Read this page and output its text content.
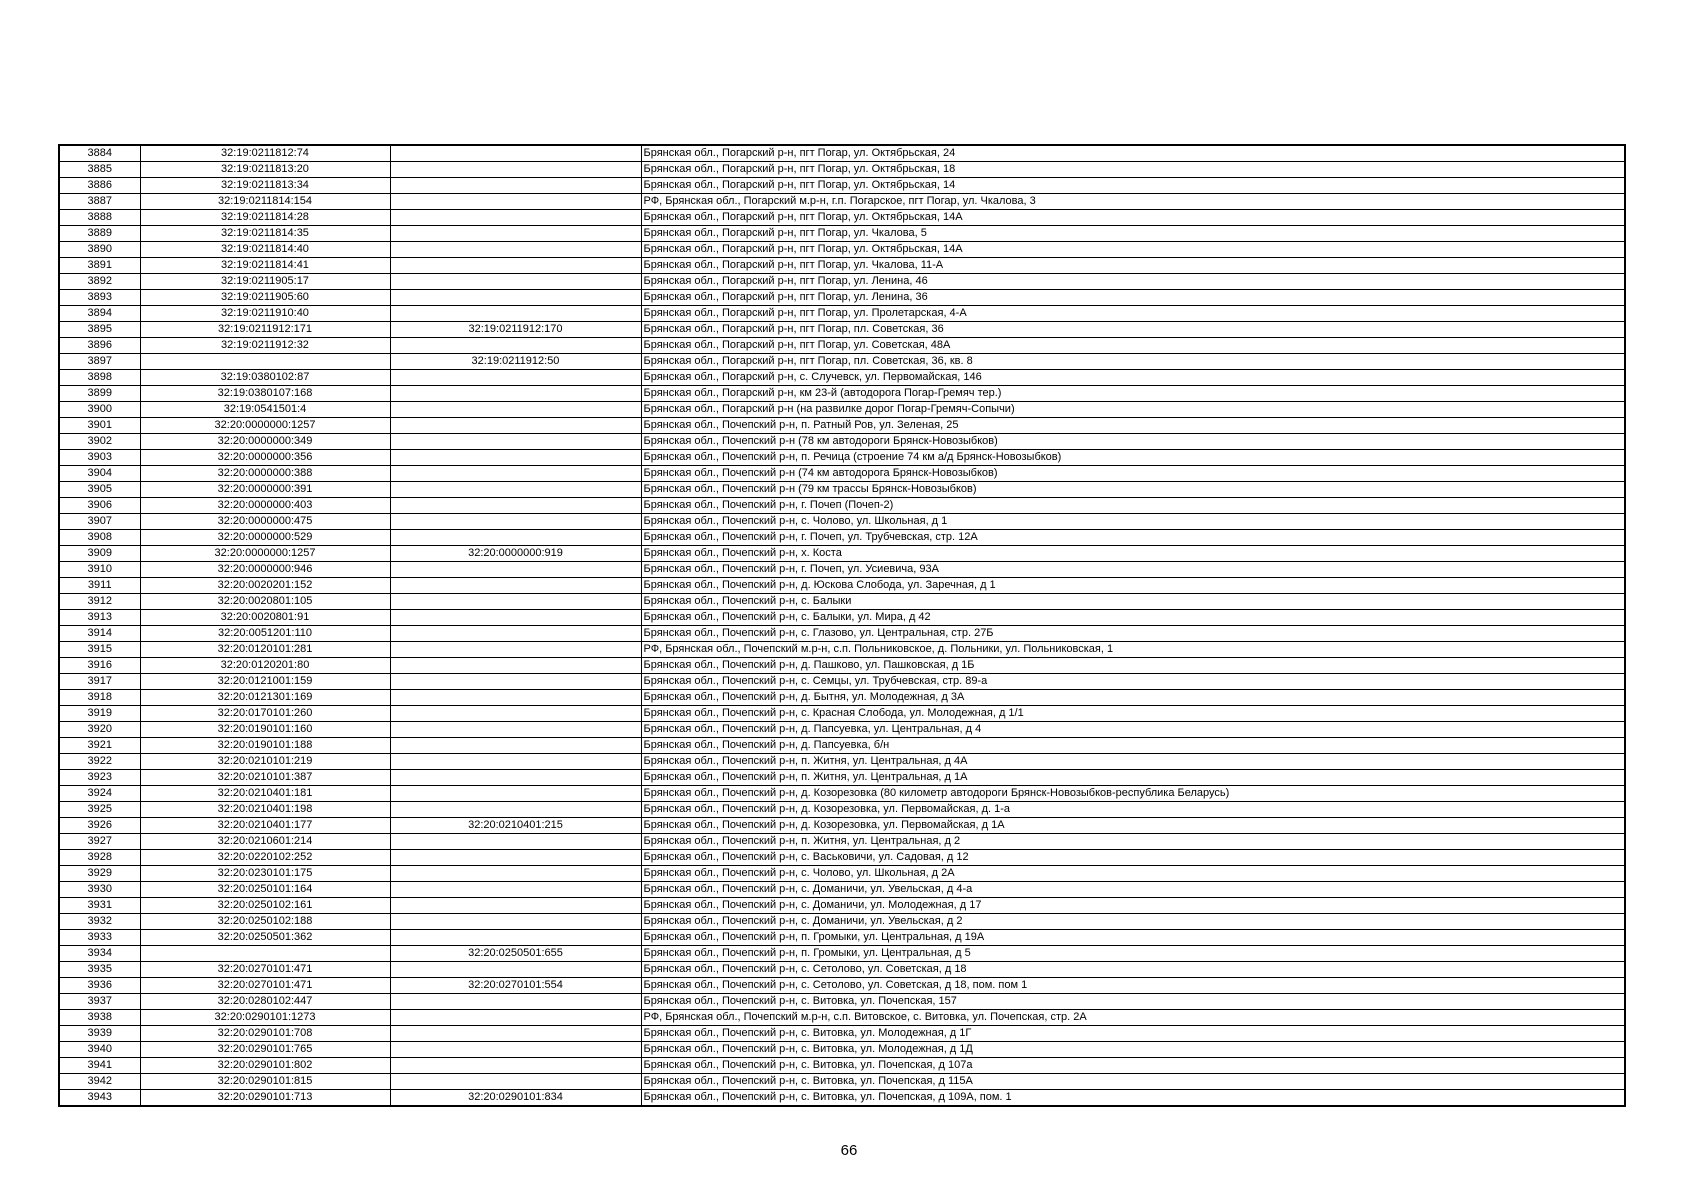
3884	32:19:0211812:74		Брянская обл., Погарский р-н, пгт Погар, ул. Октябрьская, 24
3885	32:19:0211813:20		Брянская обл., Погарский р-н, пгт Погар, ул. Октябрьская, 18
3886	32:19:0211813:34		Брянская обл., Погарский р-н, пгт Погар, ул. Октябрьская, 14
3887	32:19:0211814:154		РФ, Брянская обл., Погарский м.р-н, г.п. Погарское, пгт Погар, ул. Чкалова, 3
3888	32:19:0211814:28		Брянская обл., Погарский р-н, пгт Погар, ул. Октябрьская, 14А
3889	32:19:0211814:35		Брянская обл., Погарский р-н, пгт Погар, ул. Чкалова, 5
3890	32:19:0211814:40		Брянская обл., Погарский р-н, пгт Погар, ул. Октябрьская, 14А
3891	32:19:0211814:41		Брянская обл., Погарский р-н, пгт Погар, ул. Чкалова, 11-А
3892	32:19:0211905:17		Брянская обл., Погарский р-н, пгт Погар, ул. Ленина, 46
3893	32:19:0211905:60		Брянская обл., Погарский р-н, пгт Погар, ул. Ленина, 36
3894	32:19:0211910:40		Брянская обл., Погарский р-н, пгт Погар, ул. Пролетарская, 4-А
3895	32:19:0211912:171	32:19:0211912:170	Брянская обл., Погарский р-н, пгт Погар, пл. Советская, 36
3896	32:19:0211912:32		Брянская обл., Погарский р-н, пгт Погар, ул. Советская, 48А
3897		32:19:0211912:50	Брянская обл., Погарский р-н, пгт Погар, пл. Советская, 36, кв. 8
3898	32:19:0380102:87		Брянская обл., Погарский р-н, с. Случевск, ул. Первомайская, 146
3899	32:19:0380107:168		Брянская обл., Погарский р-н, км 23-й (автодорога Погар-Гремяч тер.)
3900	32:19:0541501:4		Брянская обл., Погарский р-н (на развилке дорог Погар-Гремяч-Сопычи)
3901	32:20:0000000:1257		Брянская обл., Почепский р-н, п. Ратный Ров, ул. Зеленая, 25
3902	32:20:0000000:349		Брянская обл., Почепский р-н (78 км автодороги Брянск-Новозыбков)
3903	32:20:0000000:356		Брянская обл., Почепский р-н, п. Речица (строение 74 км а/д Брянск-Новозыбков)
3904	32:20:0000000:388		Брянская обл., Почепский р-н (74 км автодорога Брянск-Новозыбков)
3905	32:20:0000000:391		Брянская обл., Почепский р-н (79 км трассы Брянск-Новозыбков)
3906	32:20:0000000:403		Брянская обл., Почепский р-н, г. Почеп (Почеп-2)
3907	32:20:0000000:475		Брянская обл., Почепский р-н, с. Чолово, ул. Школьная, д 1
3908	32:20:0000000:529		Брянская обл., Почепский р-н, г. Почеп, ул. Трубчевская, стр. 12А
3909	32:20:0000000:1257	32:20:0000000:919	Брянская обл., Почепский р-н, х. Коста
3910	32:20:0000000:946		Брянская обл., Почепский р-н, г. Почеп, ул. Усиевича, 93А
3911	32:20:0020201:152		Брянская обл., Почепский р-н, д. Юскова Слобода, ул. Заречная, д 1
3912	32:20:0020801:105		Брянская обл., Почепский р-н, с. Балыки
3913	32:20:0020801:91		Брянская обл., Почепский р-н, с. Балыки, ул. Мира, д 42
3914	32:20:0051201:110		Брянская обл., Почепский р-н, с. Глазово, ул. Центральная, стр. 27Б
3915	32:20:0120101:281		РФ, Брянская обл., Почепский м.р-н, с.п. Польниковское, д. Польники, ул. Польниковская, 1
3916	32:20:0120201:80		Брянская обл., Почепский р-н, д. Пашково, ул. Пашковская, д 1Б
3917	32:20:0121001:159		Брянская обл., Почепский р-н, с. Семцы, ул. Трубчевская, стр. 89-а
3918	32:20:0121301:169		Брянская обл., Почепский р-н, д. Бытня, ул. Молодежная, д 3А
3919	32:20:0170101:260		Брянская обл., Почепский р-н, с. Красная Слобода, ул. Молодежная, д 1/1
3920	32:20:0190101:160		Брянская обл., Почепский р-н, д. Папсуевка, ул. Центральная, д 4
3921	32:20:0190101:188		Брянская обл., Почепский р-н, д. Папсуевка, б/н
3922	32:20:0210101:219		Брянская обл., Почепский р-н, п. Житня, ул. Центральная, д 4А
3923	32:20:0210101:387		Брянская обл., Почепский р-н, п. Житня, ул. Центральная, д 1А
3924	32:20:0210401:181		Брянская обл., Почепский р-н, д. Козорезовка (80 километр автодороги Брянск-Новозыбков-республика Беларусь)
3925	32:20:0210401:198		Брянская обл., Почепский р-н, д. Козорезовка, ул. Первомайская, д. 1-а
3926	32:20:0210401:177	32:20:0210401:215	Брянская обл., Почепский р-н, д. Козорезовка, ул. Первомайская, д 1А
3927	32:20:0210601:214		Брянская обл., Почепский р-н, п. Житня, ул. Центральная, д 2
3928	32:20:0220102:252		Брянская обл., Почепский р-н, с. Васьковичи, ул. Садовая, д 12
3929	32:20:0230101:175		Брянская обл., Почепский р-н, с. Чолово, ул. Школьная, д 2А
3930	32:20:0250101:164		Брянская обл., Почепский р-н, с. Доманичи, ул. Увельская, д 4-а
3931	32:20:0250102:161		Брянская обл., Почепский р-н, с. Доманичи, ул. Молодежная, д 17
3932	32:20:0250102:188		Брянская обл., Почепский р-н, с. Доманичи, ул. Увельская, д 2
3933	32:20:0250501:362		Брянская обл., Почепский р-н, п. Громыки, ул. Центральная, д 19А
3934		32:20:0250501:655	Брянская обл., Почепский р-н, п. Громыки, ул. Центральная, д 5
3935	32:20:0270101:471		Брянская обл., Почепский р-н, с. Сетолово, ул. Советская, д 18
3936	32:20:0270101:471	32:20:0270101:554	Брянская обл., Почепский р-н, с. Сетолово, ул. Советская, д 18, пом. пом 1
3937	32:20:0280102:447		Брянская обл., Почепский р-н, с. Витовка, ул. Почепская, 157
3938	32:20:0290101:1273		РФ, Брянская обл., Почепский м.р-н, с.п. Витовское, с. Витовка, ул. Почепская, стр. 2А
3939	32:20:0290101:708		Брянская обл., Почепский р-н, с. Витовка, ул. Молодежная, д 1Г
3940	32:20:0290101:765		Брянская обл., Почепский р-н, с. Витовка, ул. Молодежная, д 1Д
3941	32:20:0290101:802		Брянская обл., Почепский р-н, с. Витовка, ул. Почепская, д 107а
3942	32:20:0290101:815		Брянская обл., Почепский р-н, с. Витовка, ул. Почепская, д 115А
3943	32:20:0290101:713	32:20:0290101:834	Брянская обл., Почепский р-н, с. Витовка, ул. Почепская, д 109А, пом. 1
66
